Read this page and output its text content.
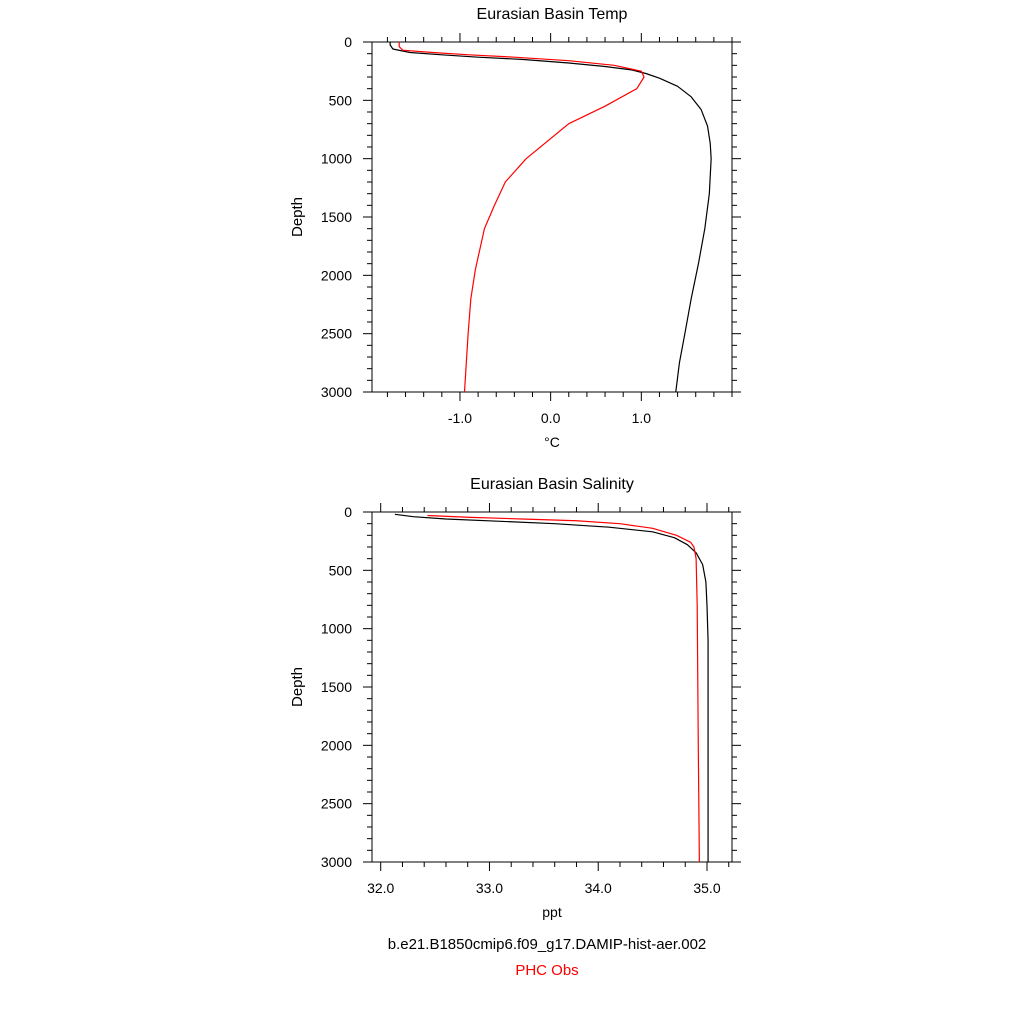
Eurasian Basin Temp
0
500
1000
1500
2000
2500
3000
-1.0	0.0	1.0
°C
Depth
Eurasian Basin Salinity
0
500
1000
1500
2000
2500
3000
32.0	33.0	34.0	35.0
ppt
Depth
b.e21.B1850cmip6.f09_g17.DAMIP-hist-aer.002
PHC Obs
